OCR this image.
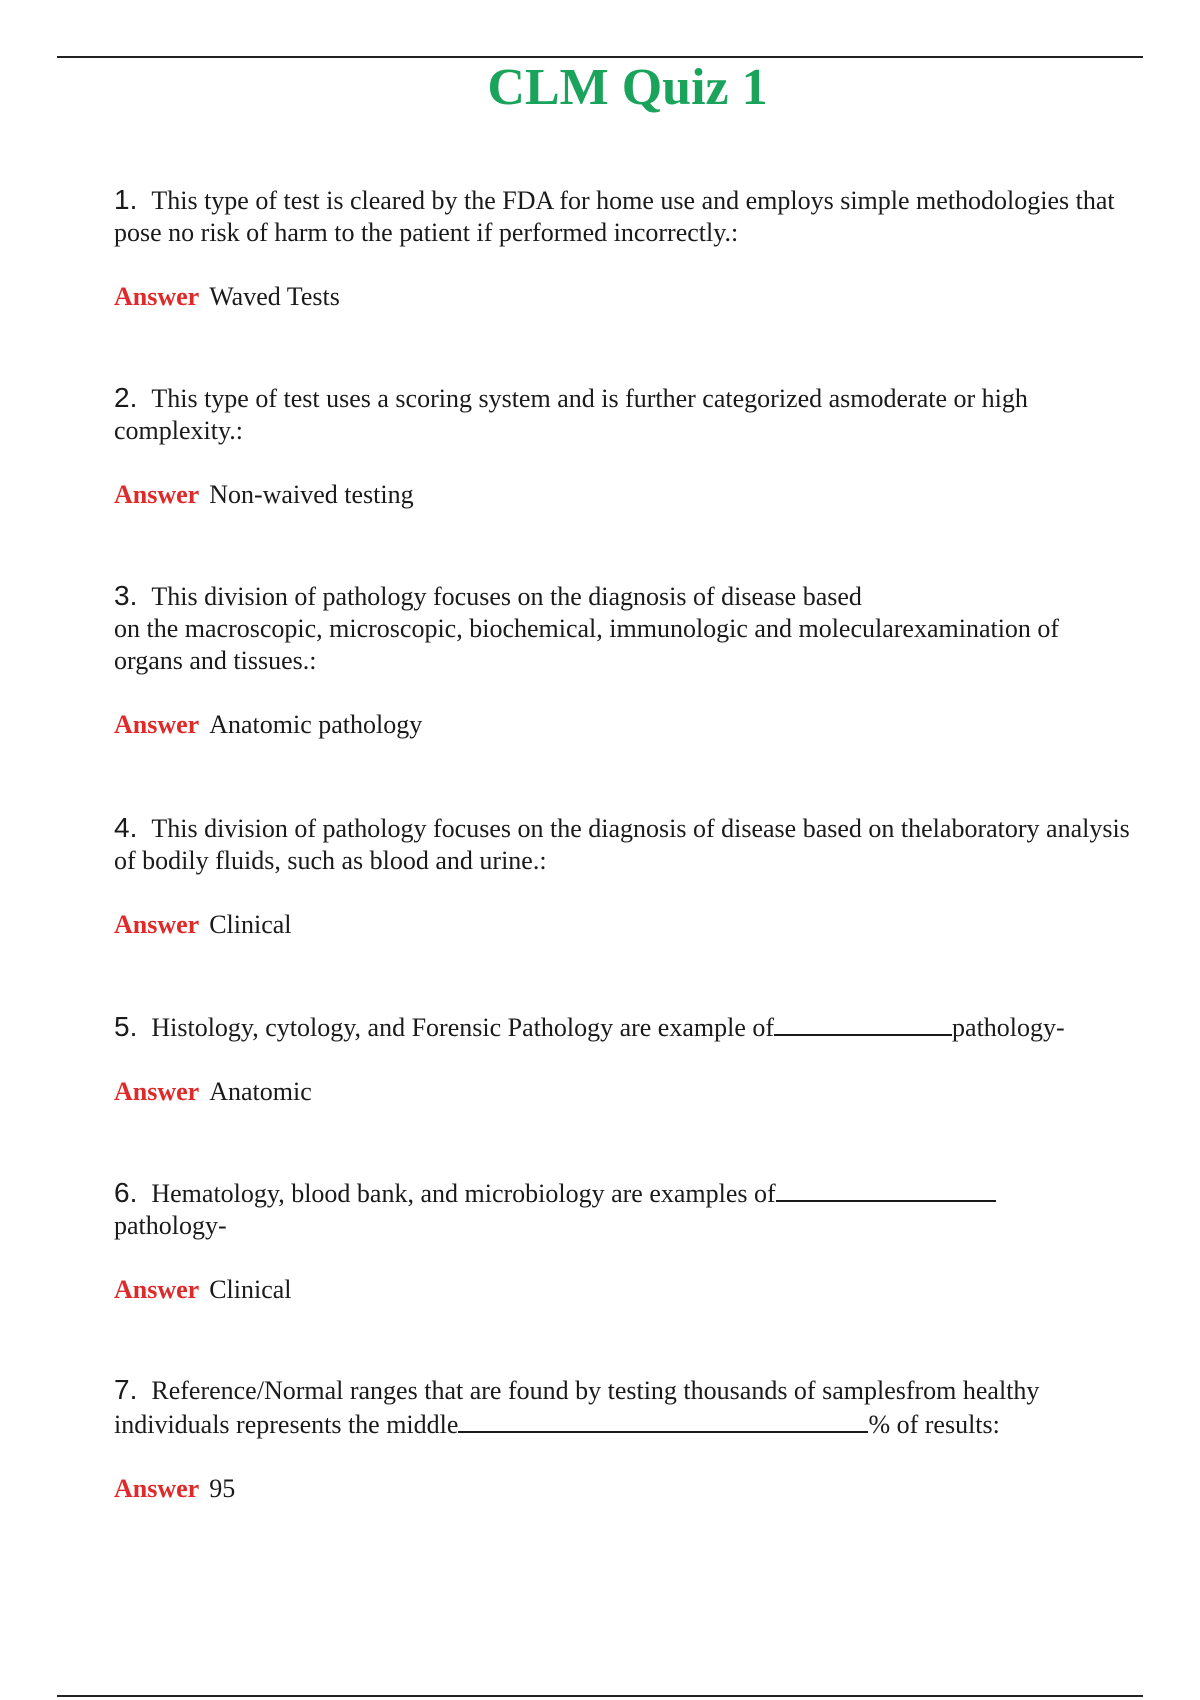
CLM Quiz 1

1. This type of test is cleared by the FDA for home use and employs simple methodologies that pose no risk of harm to the patient if performed incorrectly.:

Answer Waved Tests

2. This type of test uses a scoring system and is further categorized asmoderate or high complexity.:

Answer Non-waived testing

3. This division of pathology focuses on the diagnosis of disease based
on the macroscopic, microscopic, biochemical, immunologic and molecularexamination of organs and tissues.:

Answer Anatomic pathology

4. This division of pathology focuses on the diagnosis of disease based on thelaboratory analysis of bodily fluids, such as blood and urine.:

Answer Clinical

5. Histology, cytology, and Forensic Pathology are example of	pathology-

Answer Anatomic

6. Hematology, blood bank, and microbiology are examples of
pathology-

Answer Clinical

7. Reference/Normal ranges that are found by testing thousands of samplesfrom healthy individuals represents the middle	% of results:

Answer 95
